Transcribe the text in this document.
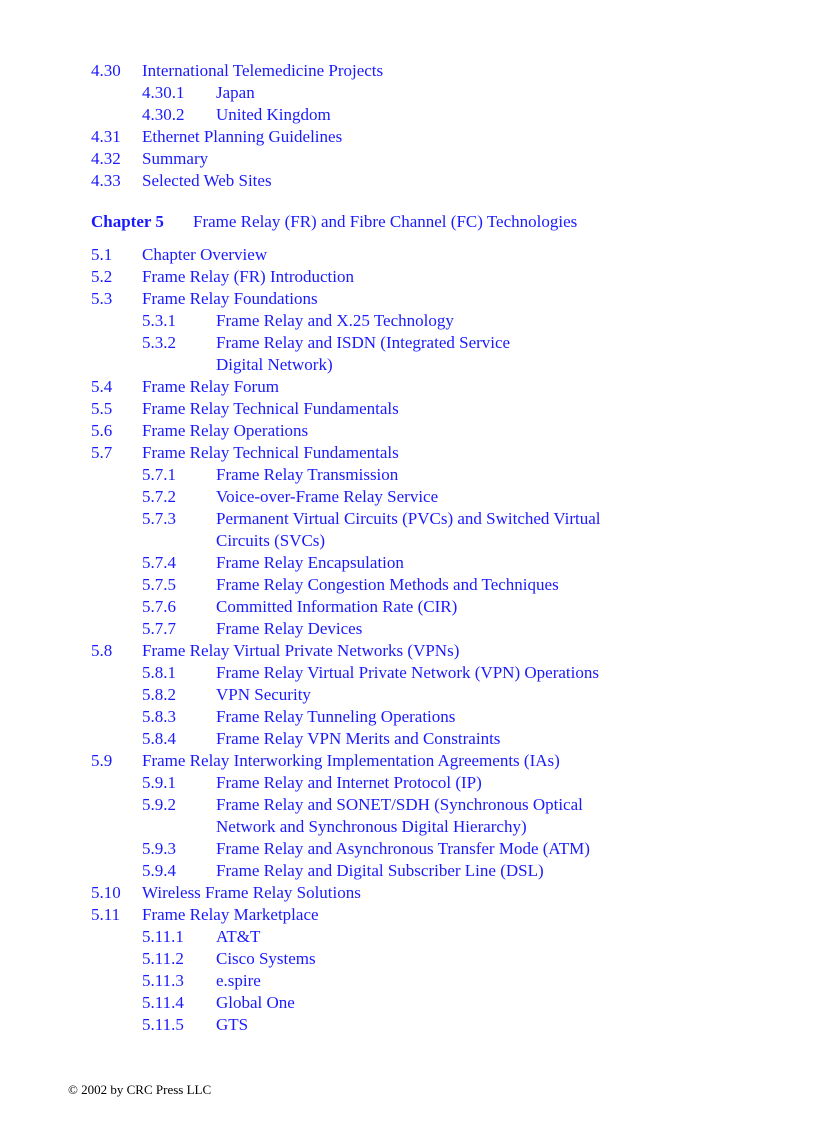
4.30 International Telemedicine Projects
4.30.1 Japan
4.30.2 United Kingdom
4.31 Ethernet Planning Guidelines
4.32 Summary
4.33 Selected Web Sites
Chapter 5 Frame Relay (FR) and Fibre Channel (FC) Technologies
5.1 Chapter Overview
5.2 Frame Relay (FR) Introduction
5.3 Frame Relay Foundations
5.3.1 Frame Relay and X.25 Technology
5.3.2 Frame Relay and ISDN (Integrated Service
Digital Network)
5.4 Frame Relay Forum
5.5 Frame Relay Technical Fundamentals
5.6 Frame Relay Operations
5.7 Frame Relay Technical Fundamentals
5.7.1 Frame Relay Transmission
5.7.2 Voice-over-Frame Relay Service
5.7.3 Permanent Virtual Circuits (PVCs) and Switched Virtual
Circuits (SVCs)
5.7.4 Frame Relay Encapsulation
5.7.5 Frame Relay Congestion Methods and Techniques
5.7.6 Committed Information Rate (CIR)
5.7.7 Frame Relay Devices
5.8 Frame Relay Virtual Private Networks (VPNs)
5.8.1 Frame Relay Virtual Private Network (VPN) Operations
5.8.2 VPN Security
5.8.3 Frame Relay Tunneling Operations
5.8.4 Frame Relay VPN Merits and Constraints
5.9 Frame Relay Interworking Implementation Agreements (IAs)
5.9.1 Frame Relay and Internet Protocol (IP)
5.9.2 Frame Relay and SONET/SDH (Synchronous Optical
Network and Synchronous Digital Hierarchy)
5.9.3 Frame Relay and Asynchronous Transfer Mode (ATM)
5.9.4 Frame Relay and Digital Subscriber Line (DSL)
5.10 Wireless Frame Relay Solutions
5.11 Frame Relay Marketplace
5.11.1 AT&T
5.11.2 Cisco Systems
5.11.3 e.spire
5.11.4 Global One
5.11.5 GTS
© 2002 by CRC Press LLC
